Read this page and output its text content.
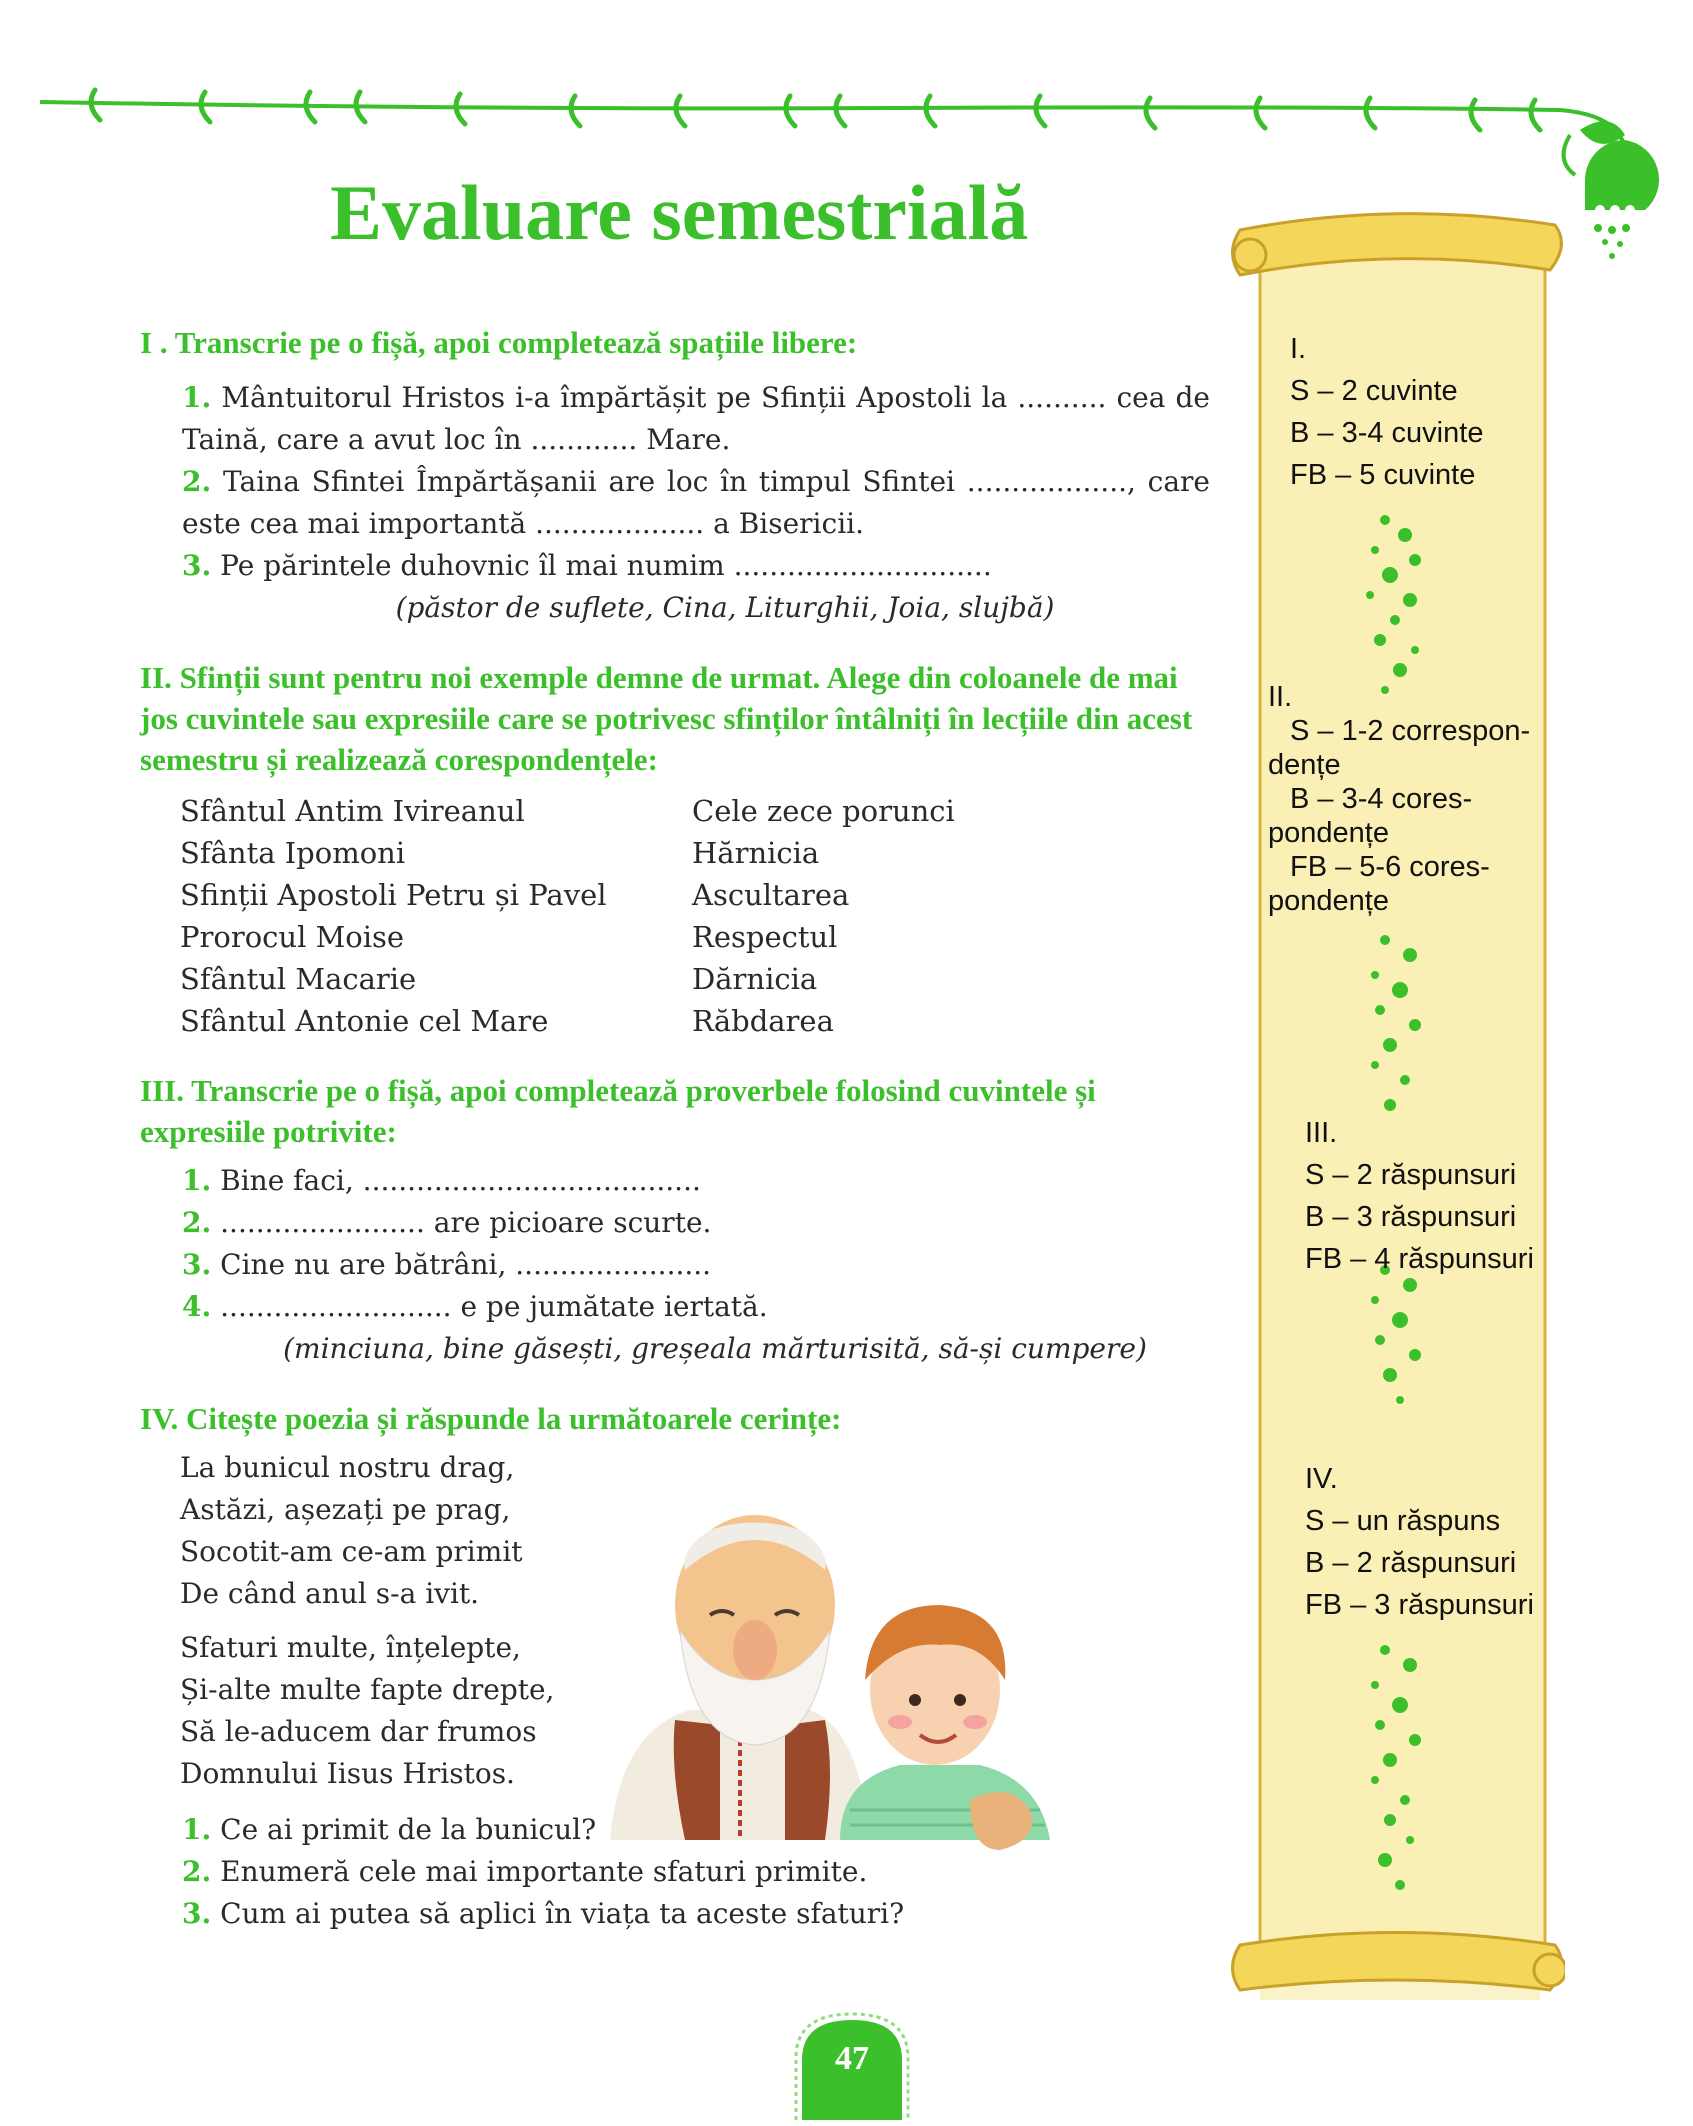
Evaluare semestrială
I.
S – 2 cuvinte
B – 3-4 cuvinte
FB – 5 cuvinte
II.
S – 1-2 correspon-
dențe
B – 3-4 cores-
pondențe
FB – 5-6 cores-
pondențe
III.
S – 2 răspunsuri
B – 3 răspunsuri
FB – 4 răspunsuri
IV.
S – un răspuns
B – 2 răspunsuri
FB – 3 răspunsuri
I . Transcrie pe o fișă, apoi completează spațiile libere:

1. Mântuitorul Hristos i-a împărtășit pe Sfinții Apostoli la .......... cea de Taină, care a avut loc în ............ Mare.

2. Taina Sfintei Împărtășanii are loc în timpul Sfintei .................., care este cea mai importantă ................... a Bisericii.

3. Pe părintele duhovnic îl mai numim .............................

(păstor de suflete, Cina, Liturghii, Joia, slujbă)

II. Sfinții sunt pentru noi exemple demne de urmat. Alege din coloanele de mai jos cuvintele sau expresiile care se potrivesc sfinților întâlniți în lecțiile din acest semestru și realizează corespondențele:
Sfântul Antim Ivireanul
Sfânta Ipomoni
Sfinții Apostoli Petru și Pavel
Prorocul Moise
Sfântul Macarie
Sfântul Antonie cel Mare
Cele zece porunci
Hărnicia
Ascultarea
Respectul
Dărnicia
Răbdarea
III. Transcrie pe o fișă, apoi completează proverbele folosind cuvintele și expresiile potrivite:

1. Bine faci, ......................................

2. ....................... are picioare scurte.

3. Cine nu are bătrâni, ......................

4. .......................... e pe jumătate iertată.

(minciuna, bine găsești, greșeala mărturisită, să-și cumpere)

IV. Citește poezia și răspunde la următoarele cerințe:
La bunicul nostru drag,
Astăzi, așezați pe prag,
Socotit-am ce-am primit
De când anul s-a ivit.
Sfaturi multe, înțelepte,
Și-alte multe fapte drepte,
Să le-aducem dar frumos
Domnului Iisus Hristos.

1. Ce ai primit de la bunicul?

2. Enumeră cele mai importante sfaturi primite.

3. Cum ai putea să aplici în viața ta aceste sfaturi?

47
